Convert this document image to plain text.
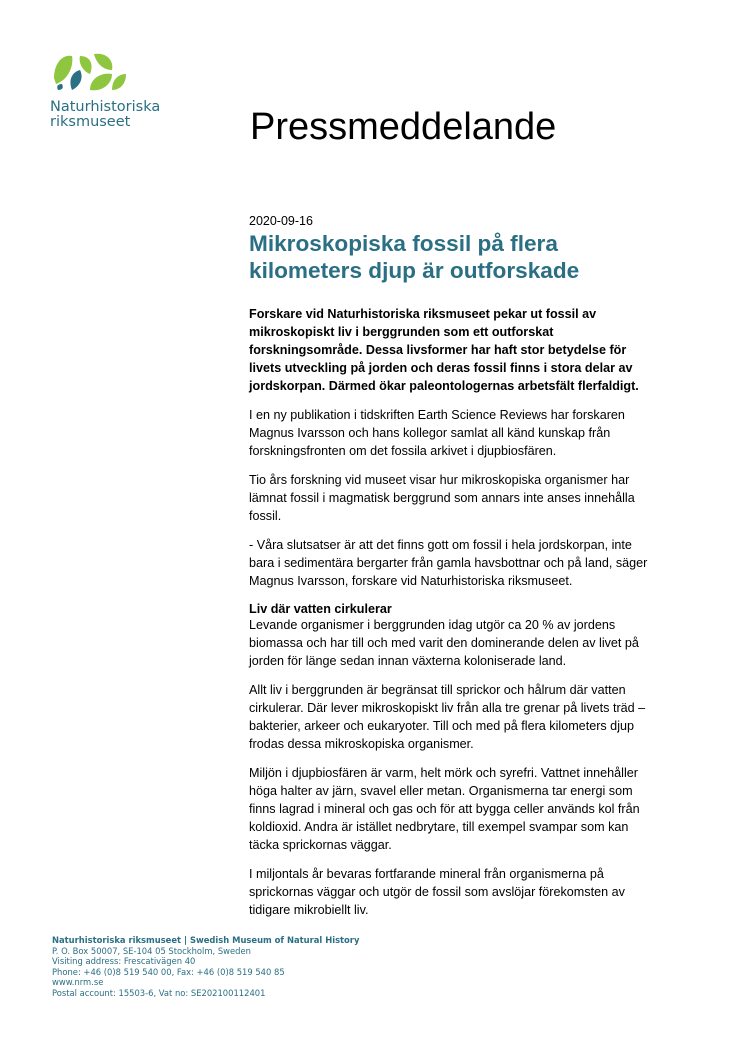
Naturhistoriska
riksmuseet	Pressmeddelande
2020-09-16
Mikroskopiska fossil på flera kilometers djup är outforskade
Forskare vid Naturhistoriska riksmuseet pekar ut fossil av mikroskopiskt liv i berggrunden som ett outforskat forskningsområde. Dessa livsformer har haft stor betydelse för livets utveckling på jorden och deras fossil finns i stora delar av jordskorpan. Därmed ökar paleontologernas arbetsfält flerfaldigt.
I en ny publikation i tidskriften Earth Science Reviews har forskaren Magnus Ivarsson och hans kollegor samlat all känd kunskap från forskningsfronten om det fossila arkivet i djupbiosfären.
Tio års forskning vid museet visar hur mikroskopiska organismer har lämnat fossil i magmatisk berggrund som annars inte anses innehålla fossil.
- Våra slutsatser är att det finns gott om fossil i hela jordskorpan, inte bara i sedimentära bergarter från gamla havsbottnar och på land, säger Magnus Ivarsson, forskare vid Naturhistoriska riksmuseet.
Liv där vatten cirkulerar
Levande organismer i berggrunden idag utgör ca 20 % av jordens biomassa och har till och med varit den dominerande delen av livet på jorden för länge sedan innan växterna koloniserade land.
Allt liv i berggrunden är begränsat till sprickor och hålrum där vatten cirkulerar. Där lever mikroskopiskt liv från alla tre grenar på livets träd – bakterier, arkeer och eukaryoter. Till och med på flera kilometers djup frodas dessa mikroskopiska organismer.
Miljön i djupbiosfären är varm, helt mörk och syrefri. Vattnet innehåller höga halter av järn, svavel eller metan. Organismerna tar energi som finns lagrad i mineral och gas och för att bygga celler används kol från koldioxid. Andra är istället nedbrytare, till exempel svampar som kan täcka sprickornas väggar.
I miljontals år bevaras fortfarande mineral från organismerna på sprickornas väggar och utgör de fossil som avslöjar förekomsten av tidigare mikrobiellt liv.
Naturhistoriska riksmuseet | Swedish Museum of Natural History
P. O. Box 50007, SE-104 05 Stockholm, Sweden
Visiting address: Frescativägen 40
Phone: +46 (0)8 519 540 00, Fax: +46 (0)8 519 540 85
www.nrm.se
Postal account: 15503-6, Vat no: SE202100112401
